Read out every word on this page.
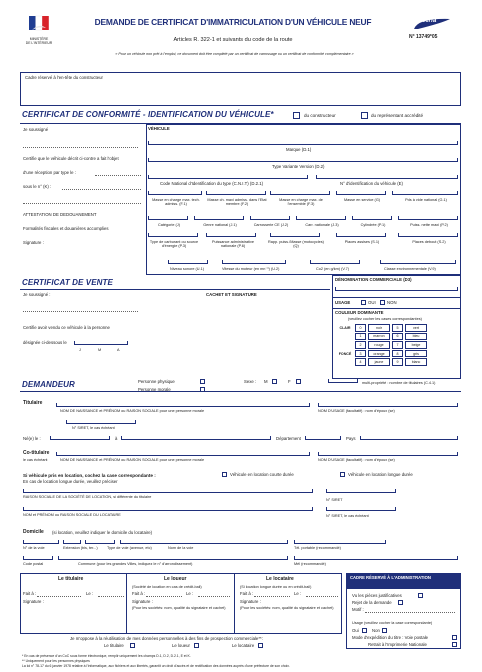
MINISTÈRE
DE L'INTÉRIEUR
DEMANDE DE CERTIFICAT D'IMMATRICULATION D'UN VÉHICULE NEUF
Articles R. 322-1 et suivants du code de la route
« Pour un véhicule non prêt à l'emploi, ce document doit être complété par un certificat de carrossage ou un certificat de conformité complémentaire »
cerfa
N° 13749*05
Cadre réservé à l'en-tête du constructeur
CERTIFICAT DE CONFORMITÉ - IDENTIFICATION DU VÉHICULE*	du constructeur	du représentant accrédité
Je soussigné
Certifie que le véhicule décrit ci-contre a fait l'objet
d'une réception par type le :
sous le n° (K) :
ATTESTATION DE DEDOUANEMENT
Formalités fiscales et douanières accomplies
Signature :
VÉHICULE
Marque (D.1)
Type Variante Version (D.2)
Code National d'Identification du type (C.N.I.T) (D.2.1)	N° d'identification du véhicule (E)
Masse en charge max. tech. admiss. (F.1)
Masse ch. maxi admiss. dans l'Etat membre (F.2)
Masse en charge max. de l'ensemble (F.3)
Masse en service (G)	Pds à vide national (G.1)
Catégorie (J)	Genre national (J.1)	Carrosserie CE (J.2)	Carr. nationale (J.3)	Cylindrée (P.1)	Puiss. nette maxi (P.2)
Type de carburant ou source d'énergie (P.3)
Puissance administrative nationale (P.6)
Rapp. puiss./Masse (motocycles) (Q)
Places assises (S.1)	Places debout (S.2)
Niveau sonore (U.1)	Vitesse du moteur (en mn⁻¹) (U.2)	Co2 (en g/km) (V.7)	Classe environnementale (V.9)
CERTIFICAT DE VENTE
Je soussigné :	CACHET ET SIGNATURE
Certifie avoir vendu ce véhicule à la personne
désignée ci-dessous le
J	M	A
DÉNOMINATION COMMERCIALE (D3)
USAGE	OUI	NON
COULEUR DOMINANTE
(veuillez cocher les cases correspondantes)
CLAIR	0	noir	5	vert
1	marron	6	bleu
2	rouge	7	beige
FONCÉ	3	orange	8	gris
4	jaune	9	blanc
DEMANDEUR	Personne physique
Personne morale
Sexe : M	F	multi-propriété : nombre de titulaires (C.4.1)
Titulaire
NOM DE NAISSANCE et PRÉNOM ou RAISON SOCIALE pour une personne morale	NOM D'USAGE (facultatif) : nom d'époux (se)
N° SIRET, le cas échéant
Né(e) le :	à	Département	Pays
Co-titulaire
le cas échéant	NOM DE NAISSANCE et PRÉNOM ou RAISON SOCIALE pour une personne morale	NOM D'USAGE (facultatif) : nom d'époux (se)
Si véhicule pris en location, cochez la case correspondante :	Véhicule en location courte durée	Véhicule en location longue durée
En cas de location longue durée, veuillez préciser
RAISON SOCIALE DE LA SOCIÉTÉ DE LOCATION, si différente du titulaire
N° SIRET
NOM et PRÉNOM ou RAISON SOCIALE DU LOCATAIRE	N° SIRET, le cas échéant
Domicile (si location, veuillez indiquer le domicile du locataire)
N° de la voie	Extension (bis, ter...) Type de voie (avenue, etc)	Nom de la voie	Tél. portable (recommandé)
Code postal	Commune (pour les grandes Villes, indiquez le n° d'arrondissement)	Mél (recommandé)
Le titulaire
Fait à :	Le :
Signature :
Le loueur
(Société de location en cas de crédit-bail)
Fait à :	Le :
Signature :
(Pour les sociétés: nom, qualité du signataire et cachet)
Le locataire
(Si location longue durée ou en crédit-bail)
Fait à :	Le :
Signature :
(Pour les sociétés: nom, qualité du signataire et cachet)
CADRE RÉSERVÉ À L'ADMINISTRATION
Vu les pièces justificatives
Rejet de la demande
Motif :
Usage (veuillez cocher la case correspondante)
Oui	Non
Mode d'expédition du titre : Voie postale
Retrait à l'Imprimerie Nationale
Je m'oppose à la réutilisation de mes données personnelles à des fins de prospection commerciale**:
Le titulaire	Le loueur	Le locataire
* En cas de présence d'un CoC sous forme électronique, remplir uniquement les champs D.1, D.2, D.2.1, E et K.
** Uniquement pour les personnes physiques
La loi n° 78-17 du 6 janvier 1978 relative à l'informatique, aux fichiers et aux libertés, garantit un droit d'accès et de rectification des données auprès d'une préfecture de son choix.
